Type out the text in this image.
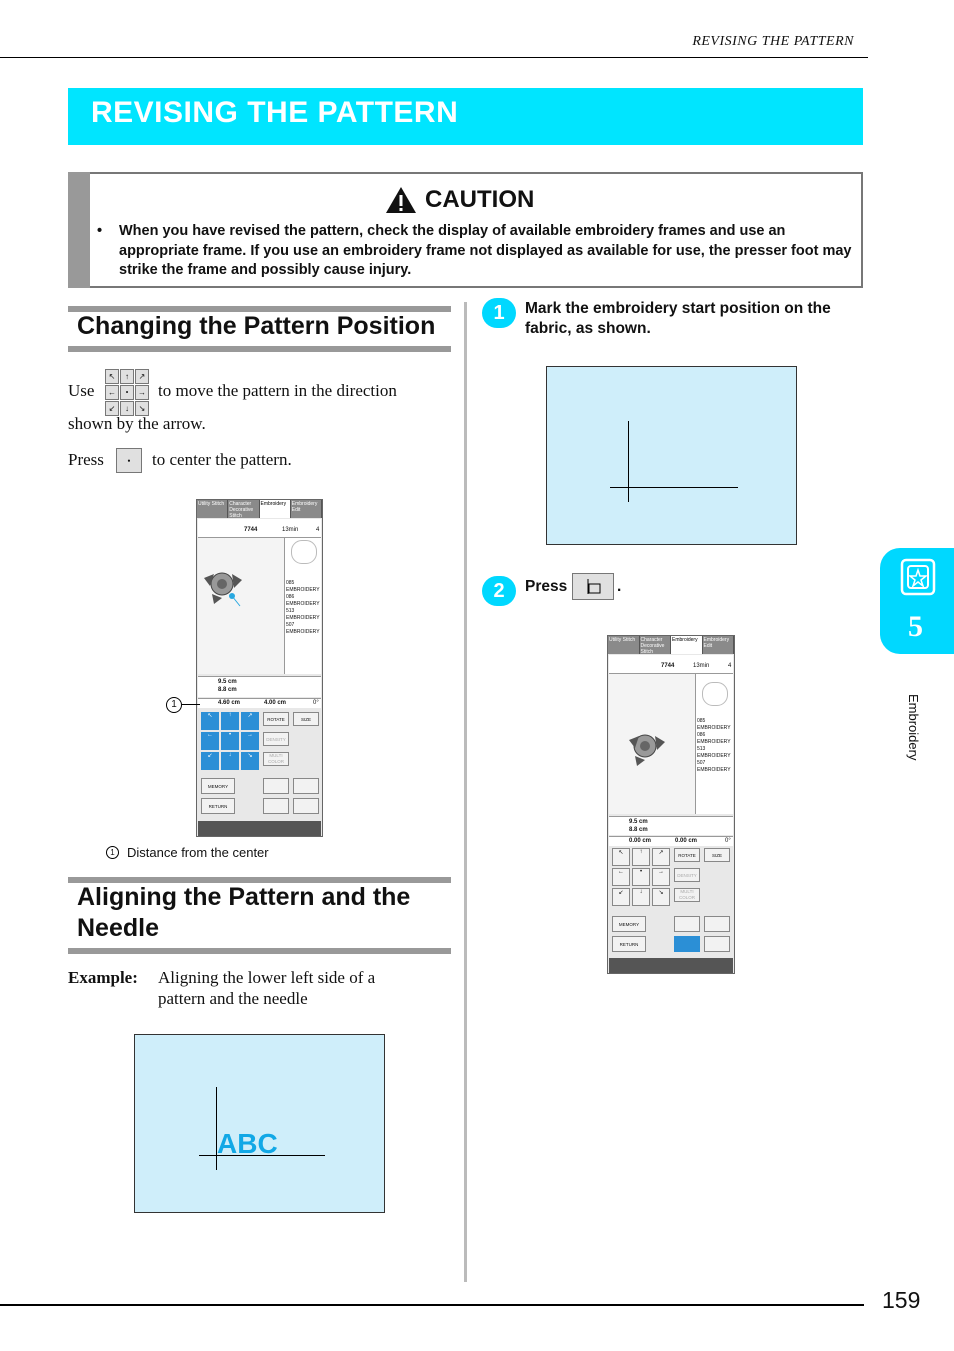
REVISING THE PATTERN
REVISING THE PATTERN
CAUTION
• When you have revised the pattern, check the display of available embroidery frames and use an appropriate frame. If you use an embroidery frame not displayed as available for use, the presser foot may strike the frame and possibly cause injury.
Changing the Pattern Position
Use
↖	↑	↗
←	•	→
↙	↓	↘
to move the pattern in the direction
shown by the arrow.
Press	•	to center the pattern.
Utility Stitch	Character Decorative Stitch
Embroidery	Embroidery Edit
7744	13min	4
085
EMBROIDERY
086
EMBROIDERY
513
EMBROIDERY
507
EMBROIDERY
9.5 cm
8.8 cm
4.60 cm	4.00 cm	0°
↖	↑	↗
←	•	→
↙	↓	↘
ROTATE	SIZE
DENSITY
MULTI COLOR
MEMORY
RETURN
1
1 Distance from the center
Aligning the Pattern and the
Needle
Example: Aligning the lower left side of a
pattern and the needle
ABC
1	Mark the embroidery start position on the
fabric, as shown.
2	Press	.
Utility Stitch	Character Decorative Stitch
Embroidery	Embroidery Edit
7744	13min	4
085
EMBROIDERY
086
EMBROIDERY
513
EMBROIDERY
507
EMBROIDERY
9.5 cm
8.8 cm
0.00 cm	0.00 cm	0°
↖	↑	↗
←	•	→
↙	↓	↘
ROTATE	SIZE
DENSITY
MULTI COLOR
MEMORY
RETURN
5
Embroidery
159
